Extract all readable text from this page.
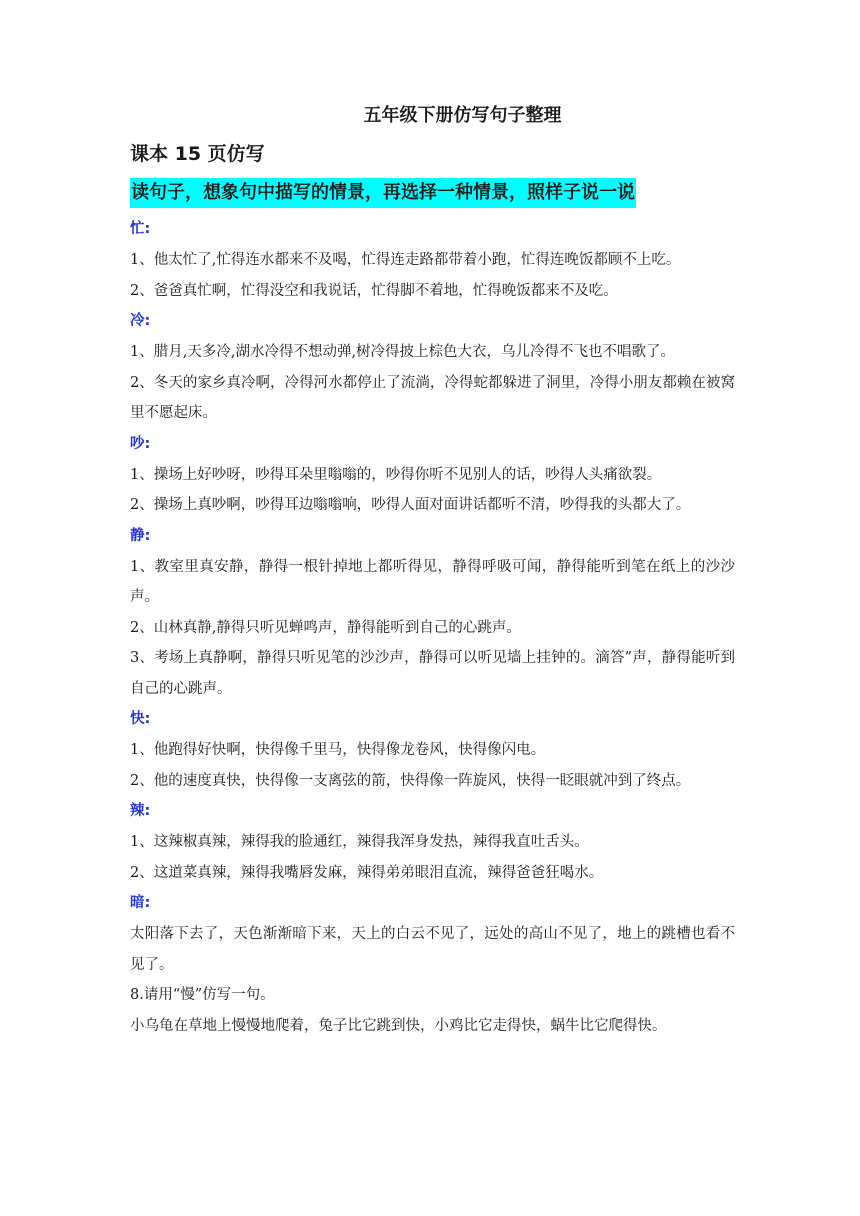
五年级下册仿写句子整理
课本 15 页仿写
读句子，想象句中描写的情景，再选择一种情景，照样子说一说

忙:

1、他太忙了,忙得连水都来不及喝，忙得连走路都带着小跑，忙得连晚饭都顾不上吃。

2、爸爸真忙啊，忙得没空和我说话，忙得脚不着地，忙得晚饭都来不及吃。

冷:

1、腊月,天多冷,湖水冷得不想动弹,树冷得披上棕色大衣，乌儿冷得不飞也不唱歌了。

2、冬天的家乡真冷啊，冷得河水都停止了流淌，冷得蛇都躲进了洞里，冷得小朋友都赖在被窝里不愿起床。

吵:

1、操场上好吵呀，吵得耳朵里嗡嗡的，吵得你听不见别人的话，吵得人头痛欲裂。

2、操场上真吵啊，吵得耳边嗡嗡响，吵得人面对面讲话都听不清，吵得我的头都大了。

静:

1、教室里真安静，静得一根针掉地上都听得见，静得呼吸可闻，静得能听到笔在纸上的沙沙声。

2、山林真静,静得只听见蝉鸣声，静得能听到自己的心跳声。

3、考场上真静啊，静得只听见笔的沙沙声，静得可以听见墙上挂钟的。滴答”声，静得能听到自己的心跳声。

快:

1、他跑得好快啊，快得像千里马，快得像龙卷风，快得像闪电。

2、他的速度真快，快得像一支离弦的箭，快得像一阵旋风，快得一眨眼就冲到了终点。

辣:

1、这辣椒真辣，辣得我的脸通红，辣得我浑身发热，辣得我直吐舌头。

2、这道菜真辣，辣得我嘴唇发麻，辣得弟弟眼泪直流，辣得爸爸狂喝水。

暗:

太阳落下去了，天色渐渐暗下来，天上的白云不见了，远处的高山不见了，地上的跳槽也看不见了。

8.请用“慢”仿写一句。

小乌龟在草地上慢慢地爬着，兔子比它跳到快，小鸡比它走得快，蜗牛比它爬得快。
